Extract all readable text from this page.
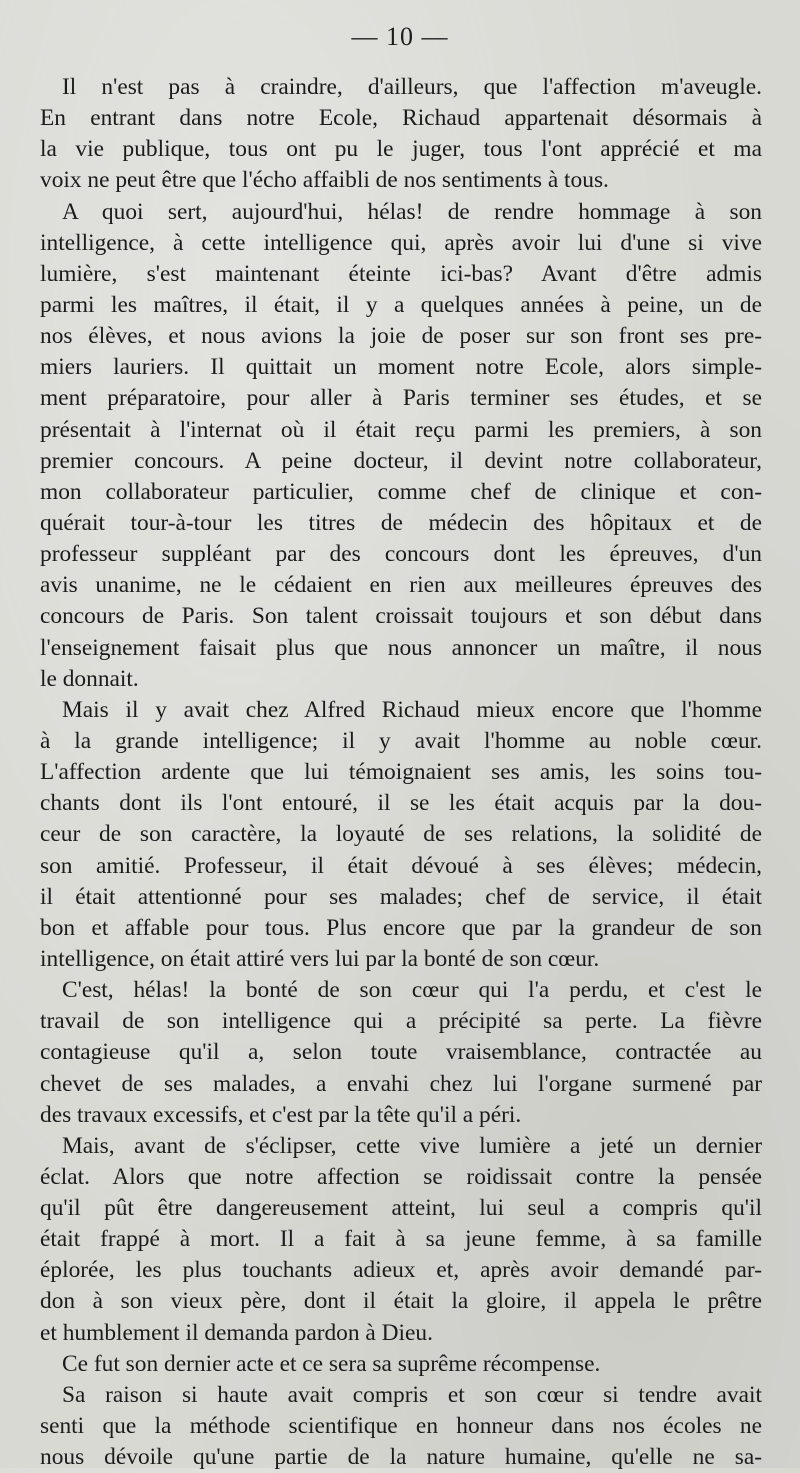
— 10 —
Il n'est pas à craindre, d'ailleurs, que l'affection m'aveugle.
En entrant dans notre Ecole, Richaud appartenait désormais à
la vie publique, tous ont pu le juger, tous l'ont apprécié et ma
voix ne peut être que l'écho affaibli de nos sentiments à tous.
A quoi sert, aujourd'hui, hélas! de rendre hommage à son
intelligence, à cette intelligence qui, après avoir lui d'une si vive
lumière, s'est maintenant éteinte ici-bas? Avant d'être admis
parmi les maîtres, il était, il y a quelques années à peine, un de
nos élèves, et nous avions la joie de poser sur son front ses pre-
miers lauriers. Il quittait un moment notre Ecole, alors simple-
ment préparatoire, pour aller à Paris terminer ses études, et se
présentait à l'internat où il était reçu parmi les premiers, à son
premier concours. A peine docteur, il devint notre collaborateur,
mon collaborateur particulier, comme chef de clinique et con-
quérait tour-à-tour les titres de médecin des hôpitaux et de
professeur suppléant par des concours dont les épreuves, d'un
avis unanime, ne le cédaient en rien aux meilleures épreuves des
concours de Paris. Son talent croissait toujours et son début dans
l'enseignement faisait plus que nous annoncer un maître, il nous
le donnait.
Mais il y avait chez Alfred Richaud mieux encore que l'homme
à la grande intelligence; il y avait l'homme au noble cœur.
L'affection ardente que lui témoignaient ses amis, les soins tou-
chants dont ils l'ont entouré, il se les était acquis par la dou-
ceur de son caractère, la loyauté de ses relations, la solidité de
son amitié. Professeur, il était dévoué à ses élèves; médecin,
il était attentionné pour ses malades; chef de service, il était
bon et affable pour tous. Plus encore que par la grandeur de son
intelligence, on était attiré vers lui par la bonté de son cœur.
C'est, hélas! la bonté de son cœur qui l'a perdu, et c'est le
travail de son intelligence qui a précipité sa perte. La fièvre
contagieuse qu'il a, selon toute vraisemblance, contractée au
chevet de ses malades, a envahi chez lui l'organe surmené par
des travaux excessifs, et c'est par la tête qu'il a péri.
Mais, avant de s'éclipser, cette vive lumière a jeté un dernier
éclat. Alors que notre affection se roidissait contre la pensée
qu'il pût être dangereusement atteint, lui seul a compris qu'il
était frappé à mort. Il a fait à sa jeune femme, à sa famille
éplorée, les plus touchants adieux et, après avoir demandé par-
don à son vieux père, dont il était la gloire, il appela le prêtre
et humblement il demanda pardon à Dieu.
Ce fut son dernier acte et ce sera sa suprême récompense.
Sa raison si haute avait compris et son cœur si tendre avait
senti que la méthode scientifique en honneur dans nos écoles ne
nous dévoile qu'une partie de la nature humaine, qu'elle ne sa-
